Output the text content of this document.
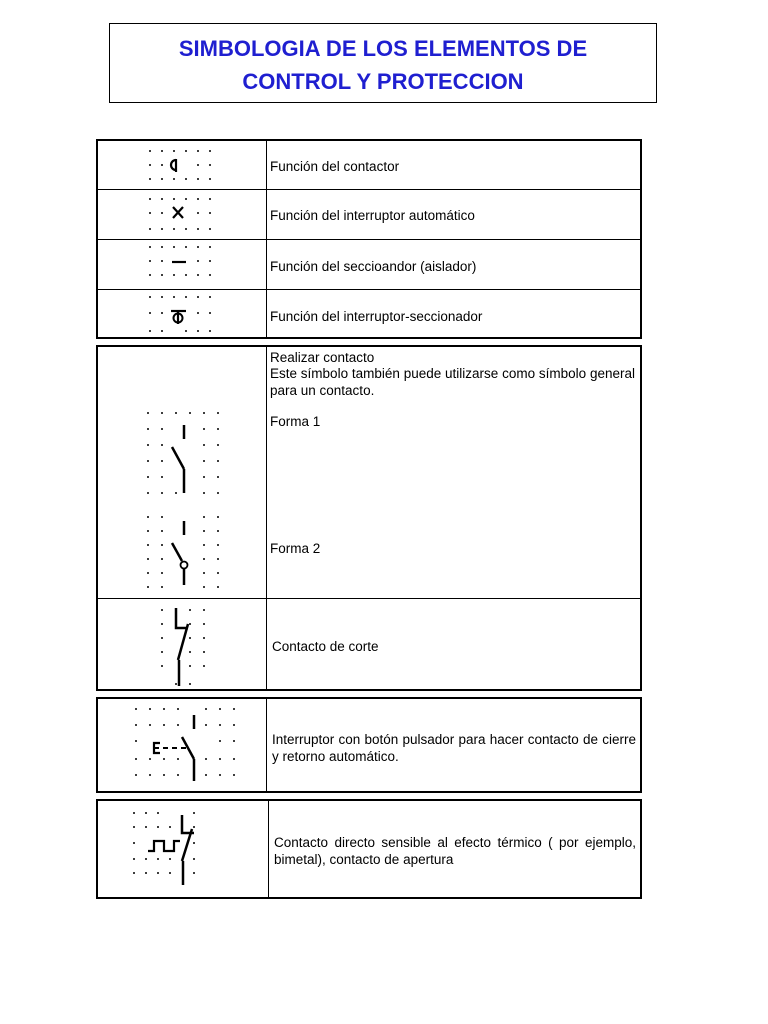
SIMBOLOGIA DE LOS ELEMENTOS DE
CONTROL Y PROTECCION
Función del contactor
Función del interruptor automático
Función del seccioandor (aislador)
Función del interruptor-seccionador
Realizar contacto
Este símbolo también puede utilizarse como símbolo general para un contacto.
Forma 1
Forma 2
Contacto de corte
Interruptor con botón pulsador para hacer contacto de cierre y retorno automático.
Contacto directo sensible al efecto térmico ( por ejemplo, bimetal), contacto de apertura
